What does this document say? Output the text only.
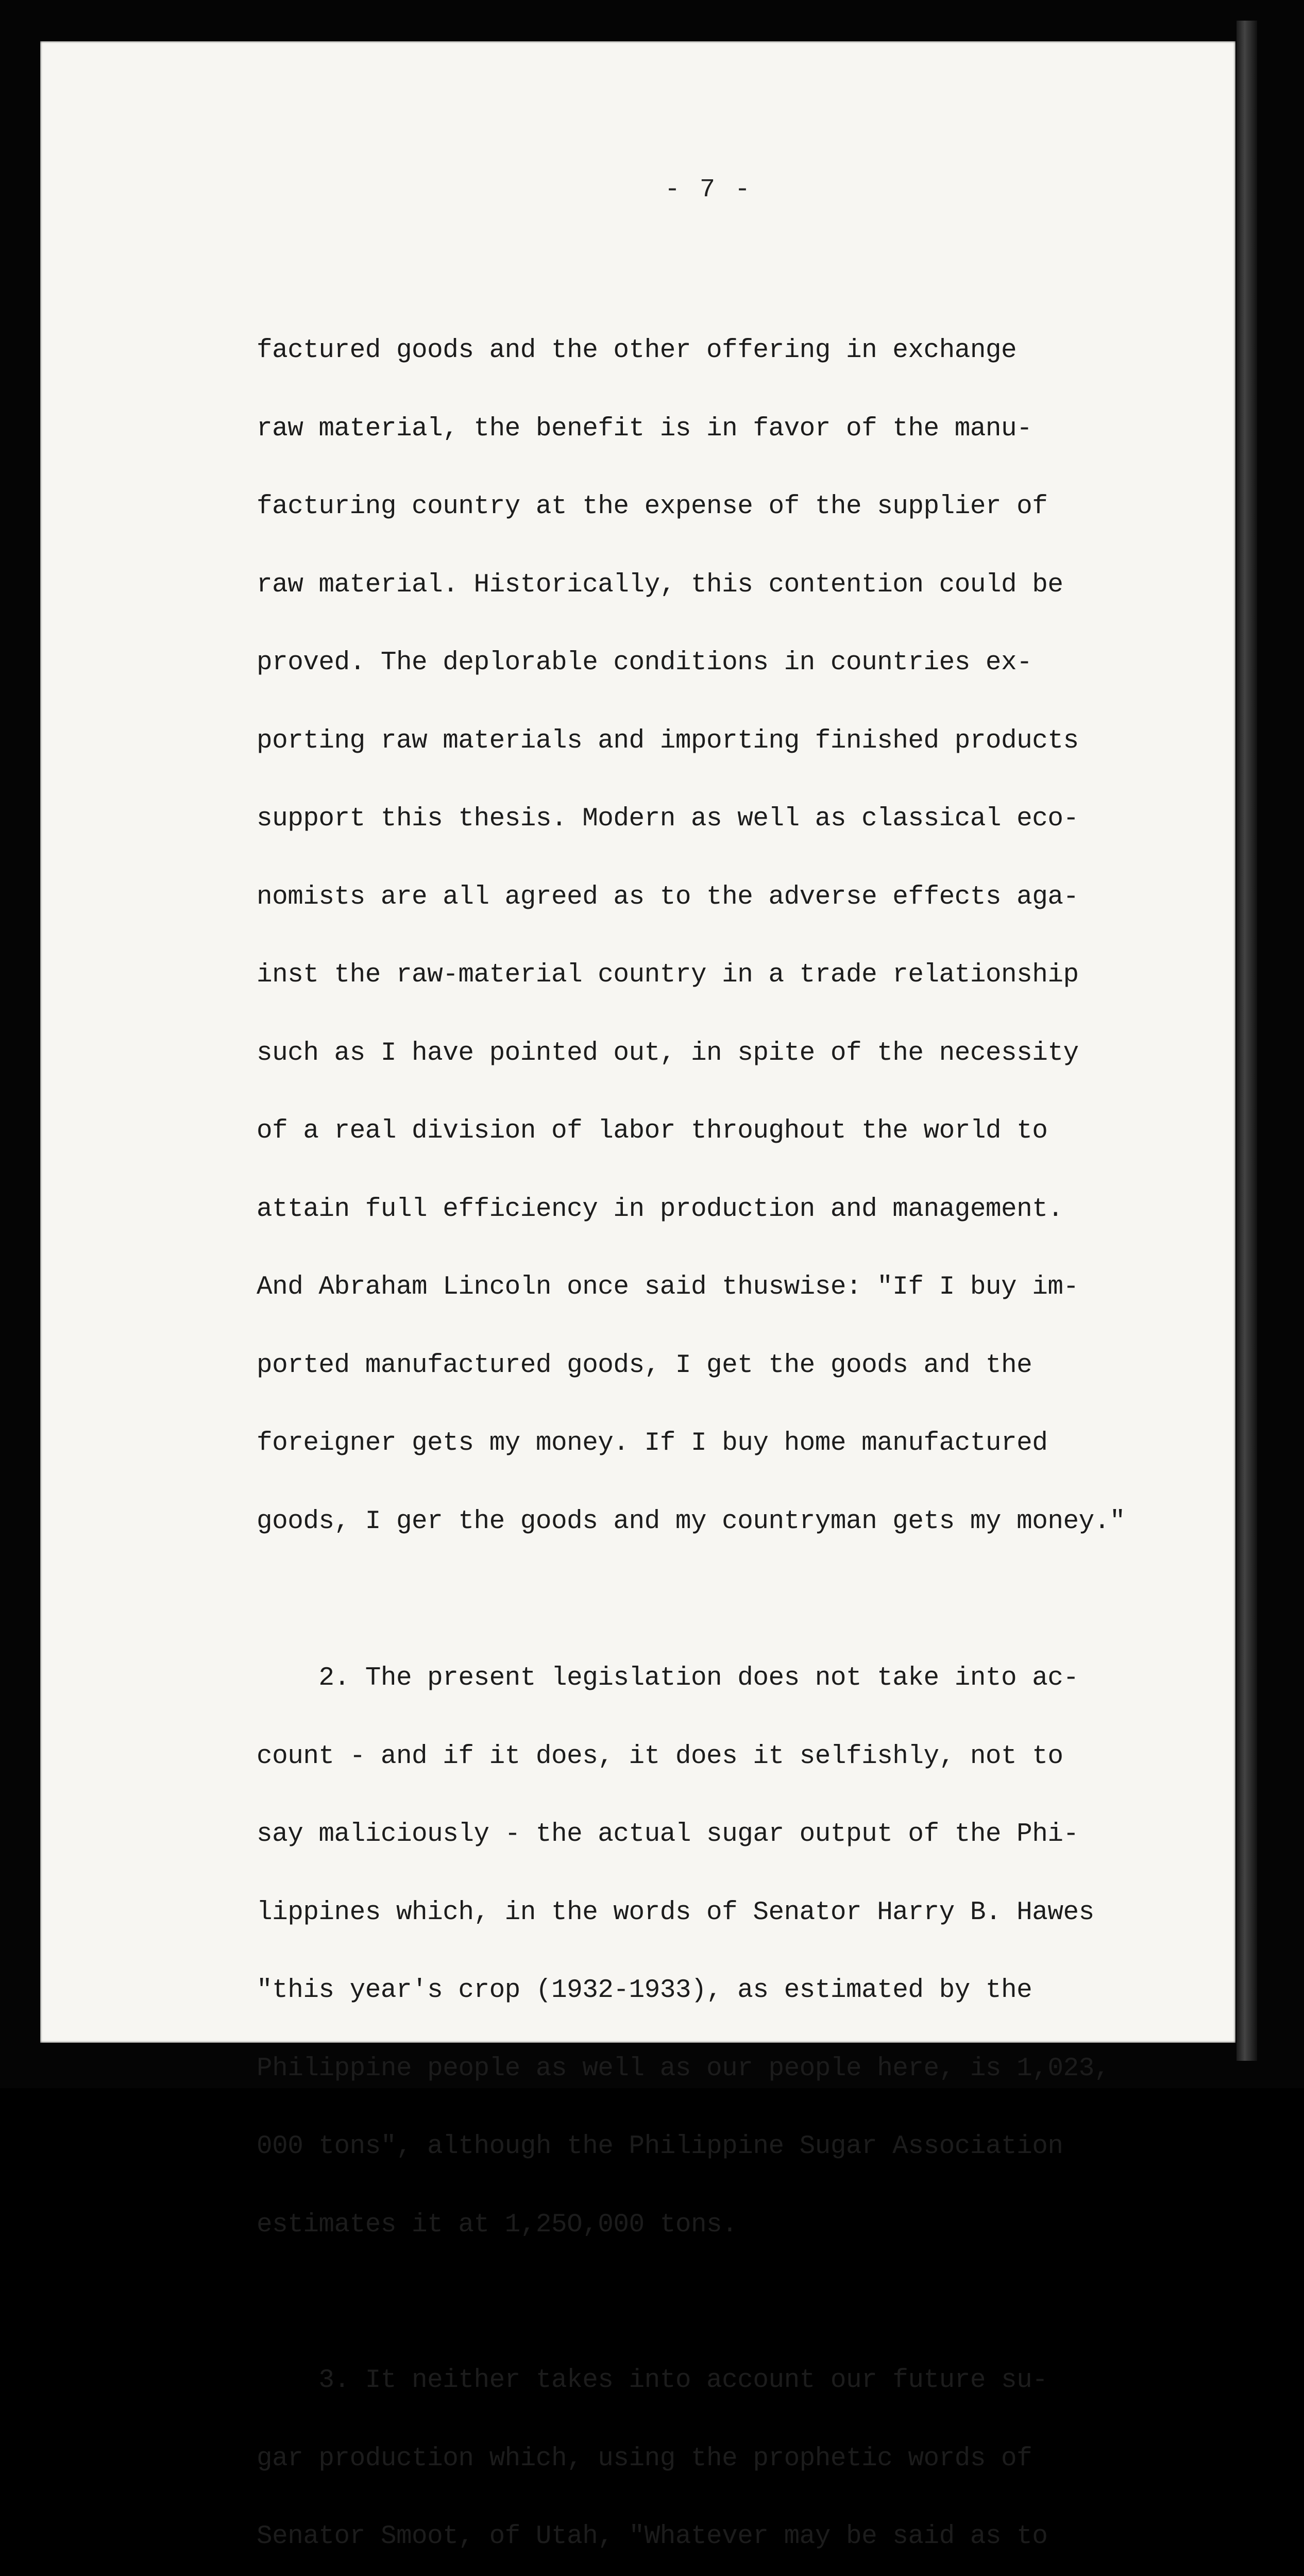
- 7 -

factured goods and the other offering in exchange

raw material, the benefit is in favor of the manu-

facturing country at the expense of the supplier of

raw material. Historically, this contention could be

proved. The deplorable conditions in countries ex-

porting raw materials and importing finished products

support this thesis. Modern as well as classical eco-

nomists are all agreed as to the adverse effects aga-

inst the raw-material country in a trade relationship

such as I have pointed out, in spite of the necessity

of a real division of labor throughout the world to

attain full efficiency in production and management.

And Abraham Lincoln once said thuswise: "If I buy im-

ported manufactured goods, I get the goods and the

foreigner gets my money. If I buy home manufactured

goods, I ger the goods and my countryman gets my money."

2. The present legislation does not take into ac-

count - and if it does, it does it selfishly, not to

say maliciously - the actual sugar output of the Phi-

lippines which, in the words of Senator Harry B. Hawes

"this year's crop (1932-1933), as estimated by the

Philippine people as well as our people here, is 1,023,

000 tons", although the Philippine Sugar Association

estimates it at 1,25O,000 tons.

3. It neither takes into account our future su-

gar production which, using the prophetic words of

Senator Smoot, of Utah, "Whatever may be said as to
